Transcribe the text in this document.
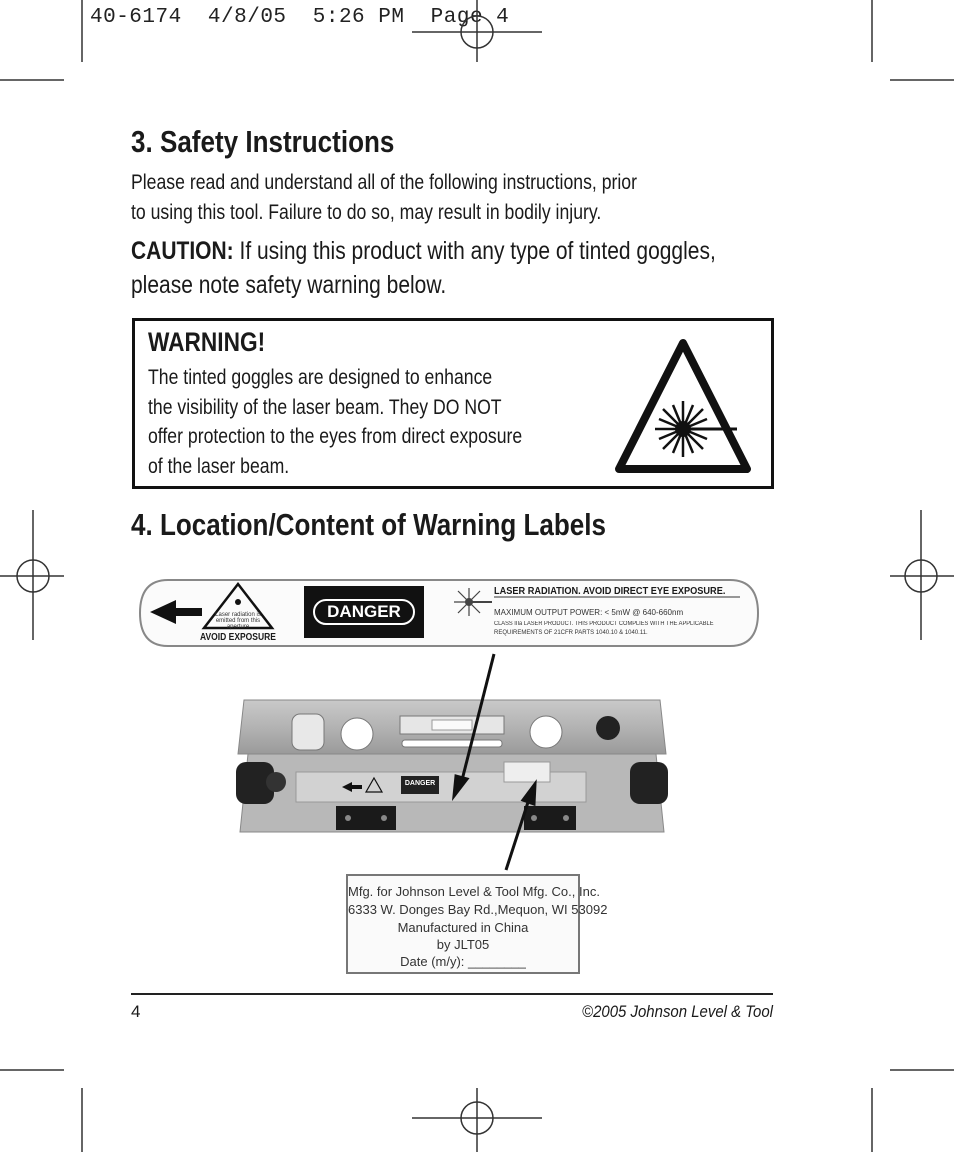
40-6174  4/8/05  5:26 PM  Page 4
3. Safety Instructions
Please read and understand all of the following instructions, prior
to using this tool. Failure to do so, may result in bodily injury.
CAUTION: If using this product with any type of tinted goggles,
please note safety warning below.
WARNING!
The tinted goggles are designed to enhance
the visibility of the laser beam. They DO NOT
offer protection to the eyes from direct exposure
of the laser beam.
4. Location/Content of Warning Labels
Laser radiation is
emitted from this aperture
AVOID EXPOSURE
DANGER
LASER RADIATION. AVOID DIRECT EYE EXPOSURE.
MAXIMUM OUTPUT POWER: < 5mW @ 640-660nm
CLASS IIIa LASER PRODUCT. THIS PRODUCT COMPLIES WITH THE APPLICABLE
REQUIREMENTS OF 21CFR PARTS 1040.10 & 1040.11.
DANGER
Mfg. for Johnson Level & Tool Mfg. Co., Inc.
6333 W. Donges Bay Rd.,Mequon, WI 53092
Manufactured in China
by JLT05
Date (m/y): ________
4	©2005 Johnson Level & Tool
